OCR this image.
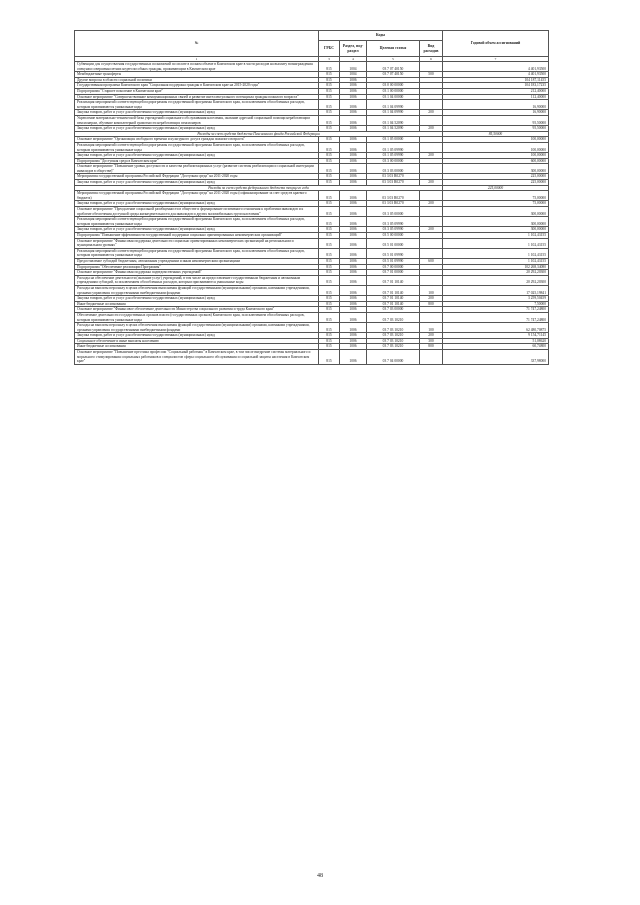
№	Коды				Годовой объем ассигнований
	ГРБС	Раздел, под-раздел	Целевая статья	Вид расходов	
1	3	4	5	6	7
Субвенции для осуществления государственных полномочий по оплате в полном объеме в Камчатском крае в части расходов на выплату вознаграждения опекунам совершеннолетних недееспособных граждан, проживающим в Камчатском крае	815	1004	03 7 07 40150		4 401,93500
Межбюджетные трансферты	815	1004	03 7 07 40150	500	4 401,93500
Другие вопросы в области социальной политики	815	1006			104 187,11455
Государственная программа Камчатского края "Социальная поддержка граждан в Камчатском крае на 2015-2020 годы"	815	1006	03 0 00 00000		104 183,17235
Подпрограмма "Старшее поколение в Камчатском крае"	815	1006	03 1 00 00000		212,40000
Основное мероприятие "Совершенствование коммуникационных связей и развитие интеллектуального потенциала граждан пожилого возраста"	815	1006	03 1 04 00000		112,40000
Реализация мероприятий соответствующей подпрограммы государственной программы Камчатского края, за исключением обособленных расходов, которым присваиваются уникальные коды	815	1006	03 1 04 09990		16,90000
Закупка товаров, работ и услуг для обеспечения государственных (муниципальных) нужд	815	1006	03 1 04 09990	200	16,90000
Укрепление материально-технической базы учреждений социального обслуживания населения, оказание адресной социальной помощи неработающим пенсионерам, обучение компьютерной грамотности неработающих пенсионеров	815	1006	03 1 04 52090		95,50000
Закупка товаров, работ и услуг для обеспечения государственных (муниципальных) нужд	815	1006	03 1 04 52090	200	95,50000
Расходы за счет средств бюджета Пенсионного фонда Российской Федерации					85,50000
Основное мероприятие "Организация свободного времени и культурного досуга граждан пожилого возраста"	815	1006	03 1 05 00000		100,00000
Реализация мероприятий соответствующей подпрограммы государственной программы Камчатского края, за исключением обособленных расходов, которым присваиваются уникальные коды	815	1006	03 1 05 09990		100,00000
Закупка товаров, работ и услуг для обеспечения государственных (муниципальных) нужд	815	1006	03 1 05 09990	200	100,00000
Подпрограмма "Доступная среда в Камчатском крае"	815	1006	03 3 00 00000		600,00000
Основное мероприятие "Повышение уровня доступности и качества реабилитационных услуг (развитие системы реабилитации и социальной интеграции инвалидов в обществе)"	815	1006	03 3 03 00000		300,00000
Мероприятия государственной программы Российской Федерации "Доступная среда" на 2011-2020 годы	815	1006	03 3 03 R0270		225,00000
Закупка товаров, работ и услуг для обеспечения государственных (муниципальных) нужд	815	1006	03 3 03 R0270	200	225,00000
Расходы за счет средств федерального бюджета текущего года					225,00000
Мероприятия государственной программы Российской Федерации "Доступная среда" на 2011-2020 годы (софинансирование за счет средств краевого бюджета)	815	1006	03 3 03 R0270		75,00000
Закупка товаров, работ и услуг для обеспечения государственных (муниципальных) нужд	815	1006	03 3 03 R0270	200	75,00000
Основное мероприятие "Преодоление социальной разобщенности в обществе и формирование позитивного отношения к проблемам инвалидов и к проблеме обеспечения доступной среды жизнедеятельности для инвалидов и других маломобильных групп населения"	815	1006	03 3 05 00000		300,00000
Реализация мероприятий соответствующей подпрограммы государственной программы Камчатского края, за исключением обособленных расходов, которым присваиваются уникальные коды	815	1006	03 3 05 09990		300,00000
Закупка товаров, работ и услуг для обеспечения государственных (муниципальных) нужд	815	1006	03 3 05 09990	200	300,00000
Подпрограмма "Повышение эффективности государственной поддержки социально ориентированных некоммерческих организаций"	815	1006	03 5 00 00000		1 102,43155
Основное мероприятие "Финансовая поддержка деятельности социально ориентированных некоммерческих организаций на региональном и муниципальном уровнях"	815	1006	03 5 01 00000		1 102,43155
Реализация мероприятий соответствующей подпрограммы государственной программы Камчатского края, за исключением обособленных расходов, которым присваиваются уникальные коды	815	1006	03 5 01 09990		1 102,43155
Предоставление субсидий бюджетным, автономным учреждениям и иным некоммерческим организациям	815	1006	03 5 01 09990	600	1 102,43155
Подпрограмма "Обеспечение реализации Программы"	815	1006	03 7 00 00000		102 268,34080
Основное мероприятие "Финансовая поддержка подведомственных учреждений"	815	1006	03 7 01 00000		20 292,20300
Расходы на обеспечение деятельности (оказание услуг) учреждений, в том числе на предоставление государственным бюджетным и автономным учреждениям субсидий, за исключением обособленных расходов, которым присваиваются уникальные коды	815	1006	03 7 01 10140		20 292,20300
Расходы на выплаты персоналу в целях обеспечения выполнения функций государственными (муниципальными) органами, казенными учреждениями, органами управления государственными внебюджетными фондами	815	1006	03 7 01 10140	100	17 025,19841
Закупка товаров, работ и услуг для обеспечения государственных (муниципальных) нужд	815	1006	03 7 01 10140	200	3 259,50459
Иные бюджетные ассигнования	815	1006	03 7 01 10140	800	7,50000
Основное мероприятие "Финансовое обеспечение деятельности Министерства социального развития и труда Камчатского края"	815	1006	03 7 03 00000		71 747,24800
Обеспечение деятельности государственных органов власти (государственных органов) Камчатского края, за исключением обособленных расходов, которым присваиваются уникальные коды	815	1006	03 7 03 10210		71 747,24800
Расходы на выплаты персоналу в целях обеспечения выполнения функций государственными (муниципальными) органами, казенными учреждениями, органами управления государственными внебюджетными фондами	815	1006	03 7 03 10210	100	62 480,70875
Закупка товаров, работ и услуг для обеспечения государственных (муниципальных) нужд	815	1006	03 7 03 10210	200	9 154,71145
Социальное обеспечение и иные выплаты населению	815	1006	03 7 03 10210	300	51,08620
Иные бюджетные ассигнования	815	1006	03 7 03 10210	800	60,74800
Основное мероприятие "Повышение престижа профессии "Социальный работник" в Камчатском крае, в том числе внедрение системы материального и морального стимулирования социальных работников и специалистов сферы социального обслуживания и социальной защиты населения в Камчатском крае"	815	1006	03 7 04 00000		337,98000
48
